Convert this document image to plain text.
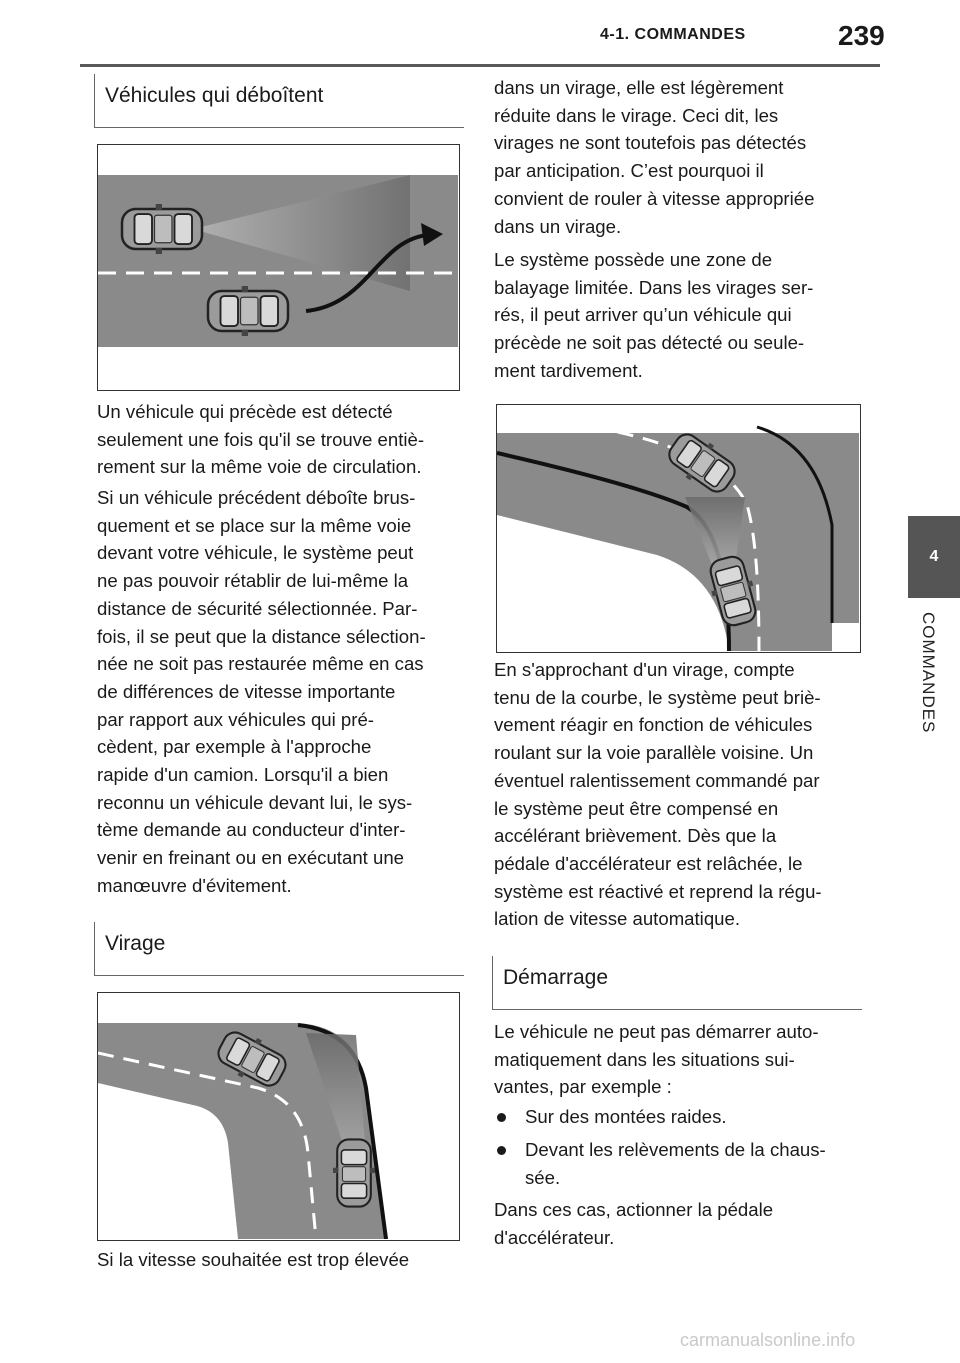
4-1. COMMANDES	239
4
COMMANDES
Véhicules qui déboîtent
Un véhicule qui précède est détecté
seulement une fois qu'il se trouve entiè-
rement sur la même voie de circulation.
Si un véhicule précédent déboîte brus-
quement et se place sur la même voie
devant votre véhicule, le système peut
ne pas pouvoir rétablir de lui-même la
distance de sécurité sélectionnée. Par-
fois, il se peut que la distance sélection-
née ne soit pas restaurée même en cas
de différences de vitesse importante
par rapport aux véhicules qui pré-
cèdent, par exemple à l'approche
rapide d'un camion. Lorsqu'il a bien
reconnu un véhicule devant lui, le sys-
tème demande au conducteur d'inter-
venir en freinant ou en exécutant une
manœuvre d'évitement.
Virage
Si la vitesse souhaitée est trop élevée
dans un virage, elle est légèrement
réduite dans le virage. Ceci dit, les
virages ne sont toutefois pas détectés
par anticipation. C’est pourquoi il
convient de rouler à vitesse appropriée
dans un virage.
Le système possède une zone de
balayage limitée. Dans les virages ser-
rés, il peut arriver qu’un véhicule qui
précède ne soit pas détecté ou seule-
ment tardivement.
En s'approchant d'un virage, compte
tenu de la courbe, le système peut briè-
vement réagir en fonction de véhicules
roulant sur la voie parallèle voisine. Un
éventuel ralentissement commandé par
le système peut être compensé en
accélérant brièvement. Dès que la
pédale d'accélérateur est relâchée, le
système est réactivé et reprend la régu-
lation de vitesse automatique.
Démarrage
Le véhicule ne peut pas démarrer auto-
matiquement dans les situations sui-
vantes, par exemple :
Sur des montées raides.
Devant les relèvements de la chaus-
sée.
Dans ces cas, actionner la pédale
d'accélérateur.
carmanualsonline.info
